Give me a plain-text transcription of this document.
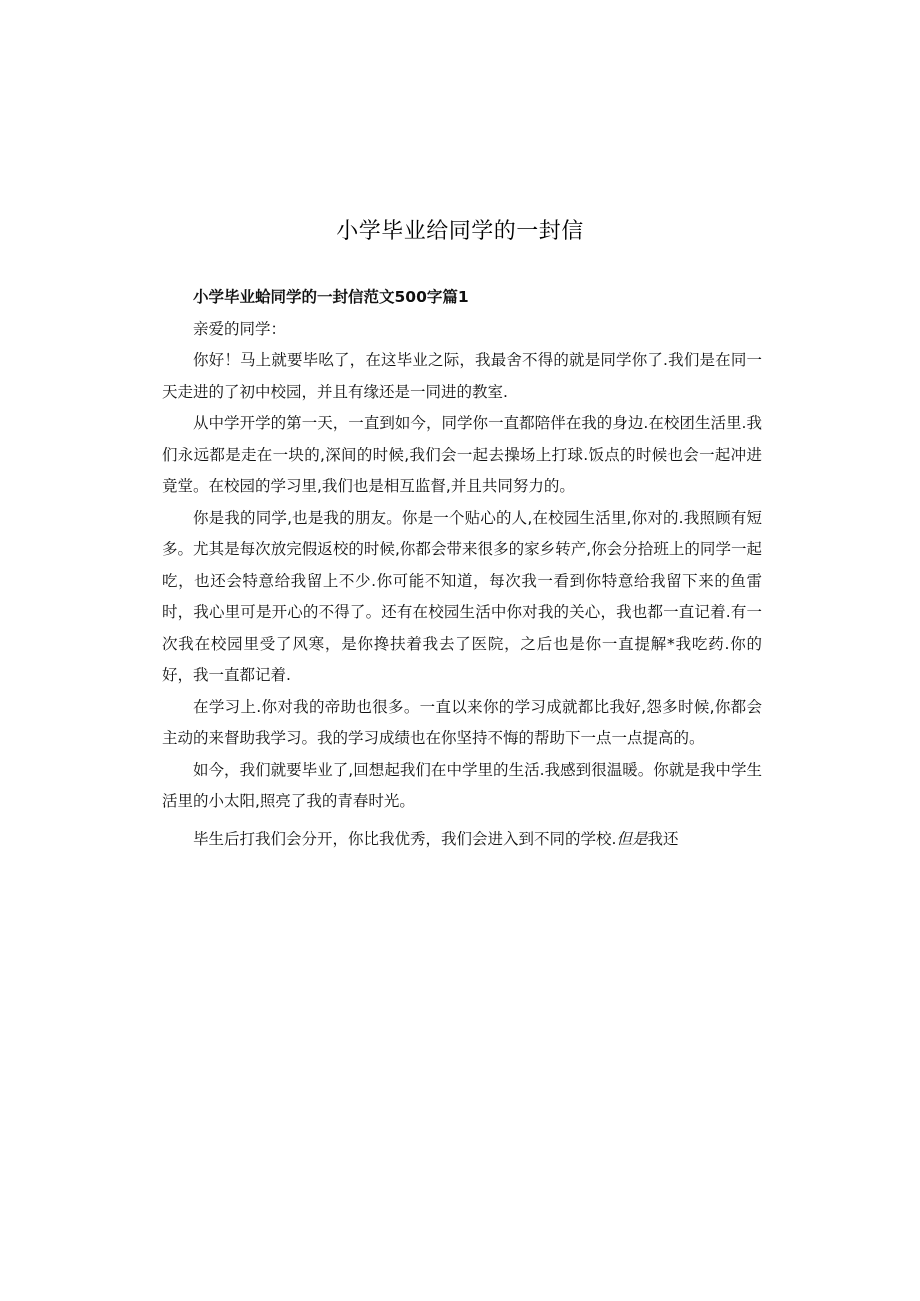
小学毕业给同学的一封信

小学毕业蛤同学的一封信范文500字篇1

亲爱的同学：

你好！马上就要毕吆了，在这毕业之际，我最舍不得的就是同学你了.我们是在同一天走进的了初中校园，并且有缘还是一同进的教室.

从中学开学的第一天，一直到如今，同学你一直都陪伴在我的身边.在校团生活里.我们永远都是走在一块的,深间的时候,我们会一起去操场上打球.饭点的时候也会一起冲进竟堂。在校园的学习里,我们也是相互监督,并且共同努力的。

你是我的同学,也是我的朋友。你是一个贴心的人,在校园生活里,你对的.我照顾有短多。尤其是每次放完假返校的时候,你都会带来很多的家乡转产,你会分拾班上的同学一起吃，也还会特意给我留上不少.你可能不知道，每次我一看到你特意给我留下来的鱼雷时，我心里可是开心的不得了。还有在校园生活中你对我的关心，我也都一直记着.有一次我在校园里受了风寒，是你搀扶着我去了医院，之后也是你一直提解*我吃药.你的好，我一直都记着.

在学习上.你对我的帝助也很多。一直以来你的学习成就都比我好,怨多时候,你都会主动的来督助我学习。我的学习成绩也在你坚持不悔的帮助下一点一点提高的。

如今，我们就要毕业了,回想起我们在中学里的生活.我感到很温暖。你就是我中学生活里的小太阳,照亮了我的青春时光。

毕生后打我们会分开，你比我优秀，我们会进入到不同的学校.但是我还
